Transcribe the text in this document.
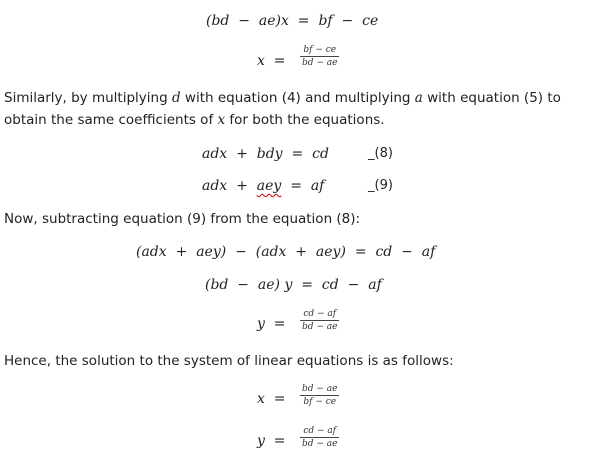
(bd  −  ae)x  =  bf  −  ce
x  =
bf − ce
bd − ae
Similarly, by multiplying d with equation (4) and multiplying a with equation (5) to obtain the same coefficients of x for both the equations.
adx  +  bdy  =  cd	_(8)
adx  +  aey  =  af	_(9)
Now, subtracting equation (9) from the equation (8):
(adx  +  aey)  −  (adx  +  aey)  =  cd  −  af
(bd  −  ae) y  =  cd  −  af
y  =
cd − af
bd − ae
Hence, the solution to the system of linear equations is as follows:
x  =
bd − ae
bf − ce
y  =
cd − af
bd − ae
